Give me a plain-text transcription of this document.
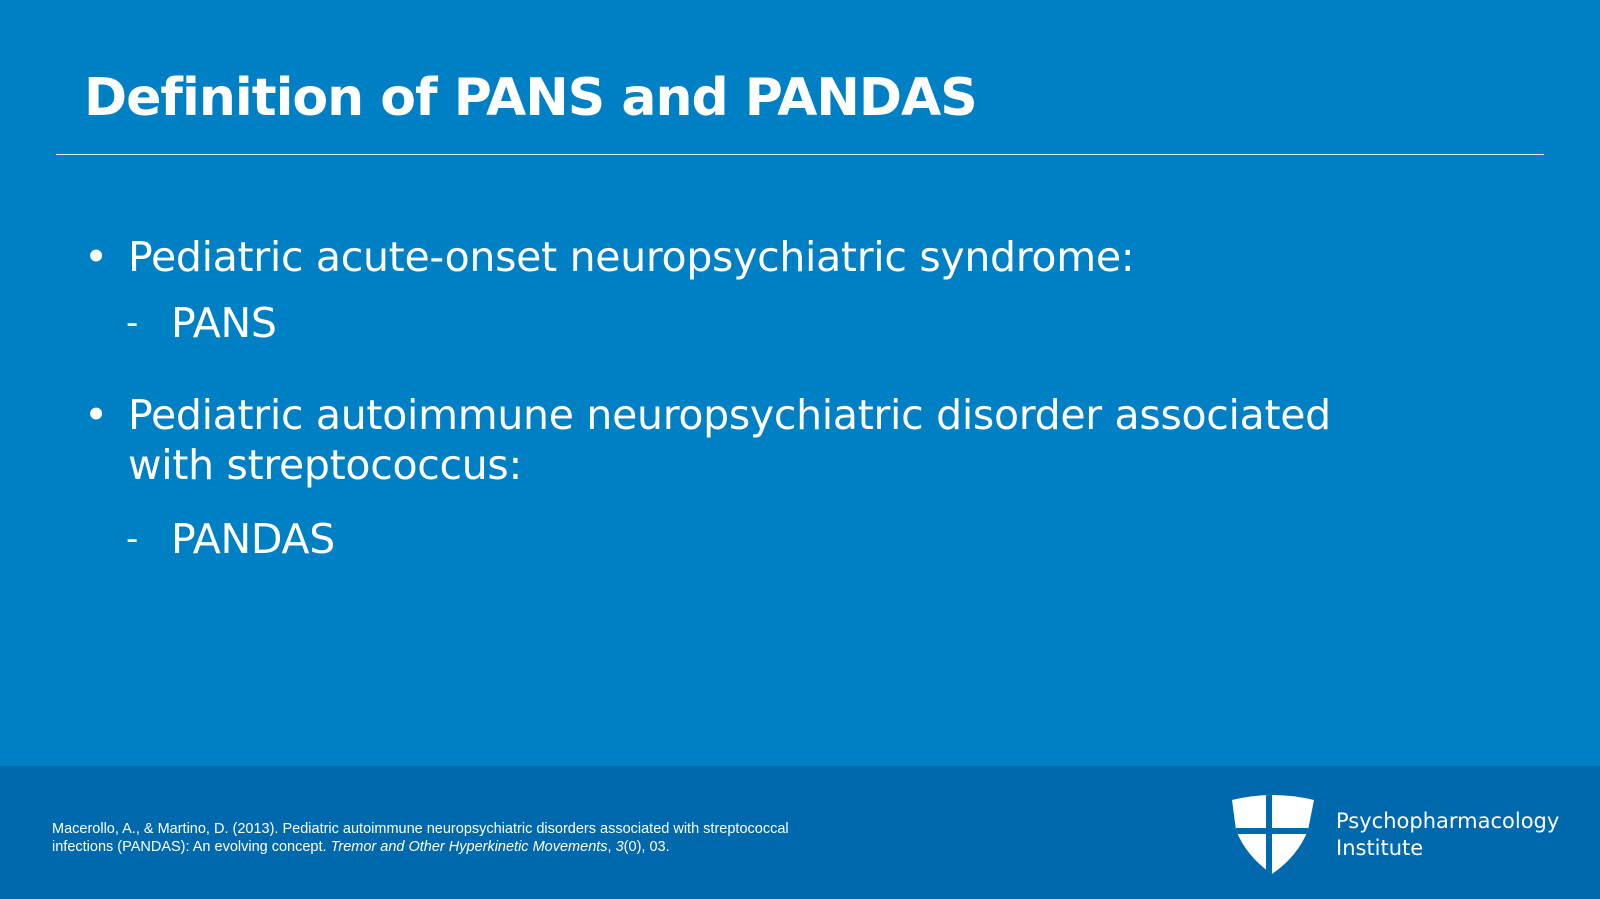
Definition of PANS and PANDAS
• Pediatric acute-onset neuropsychiatric syndrome:
- PANS
• Pediatric autoimmune neuropsychiatric disorder associated
with streptococcus:
- PANDAS
Macerollo, A., & Martino, D. (2013). Pediatric autoimmune neuropsychiatric disorders associated with streptococcal
infections (PANDAS): An evolving concept. Tremor and Other Hyperkinetic Movements, 3(0), 03.
Psychopharmacology
Institute
